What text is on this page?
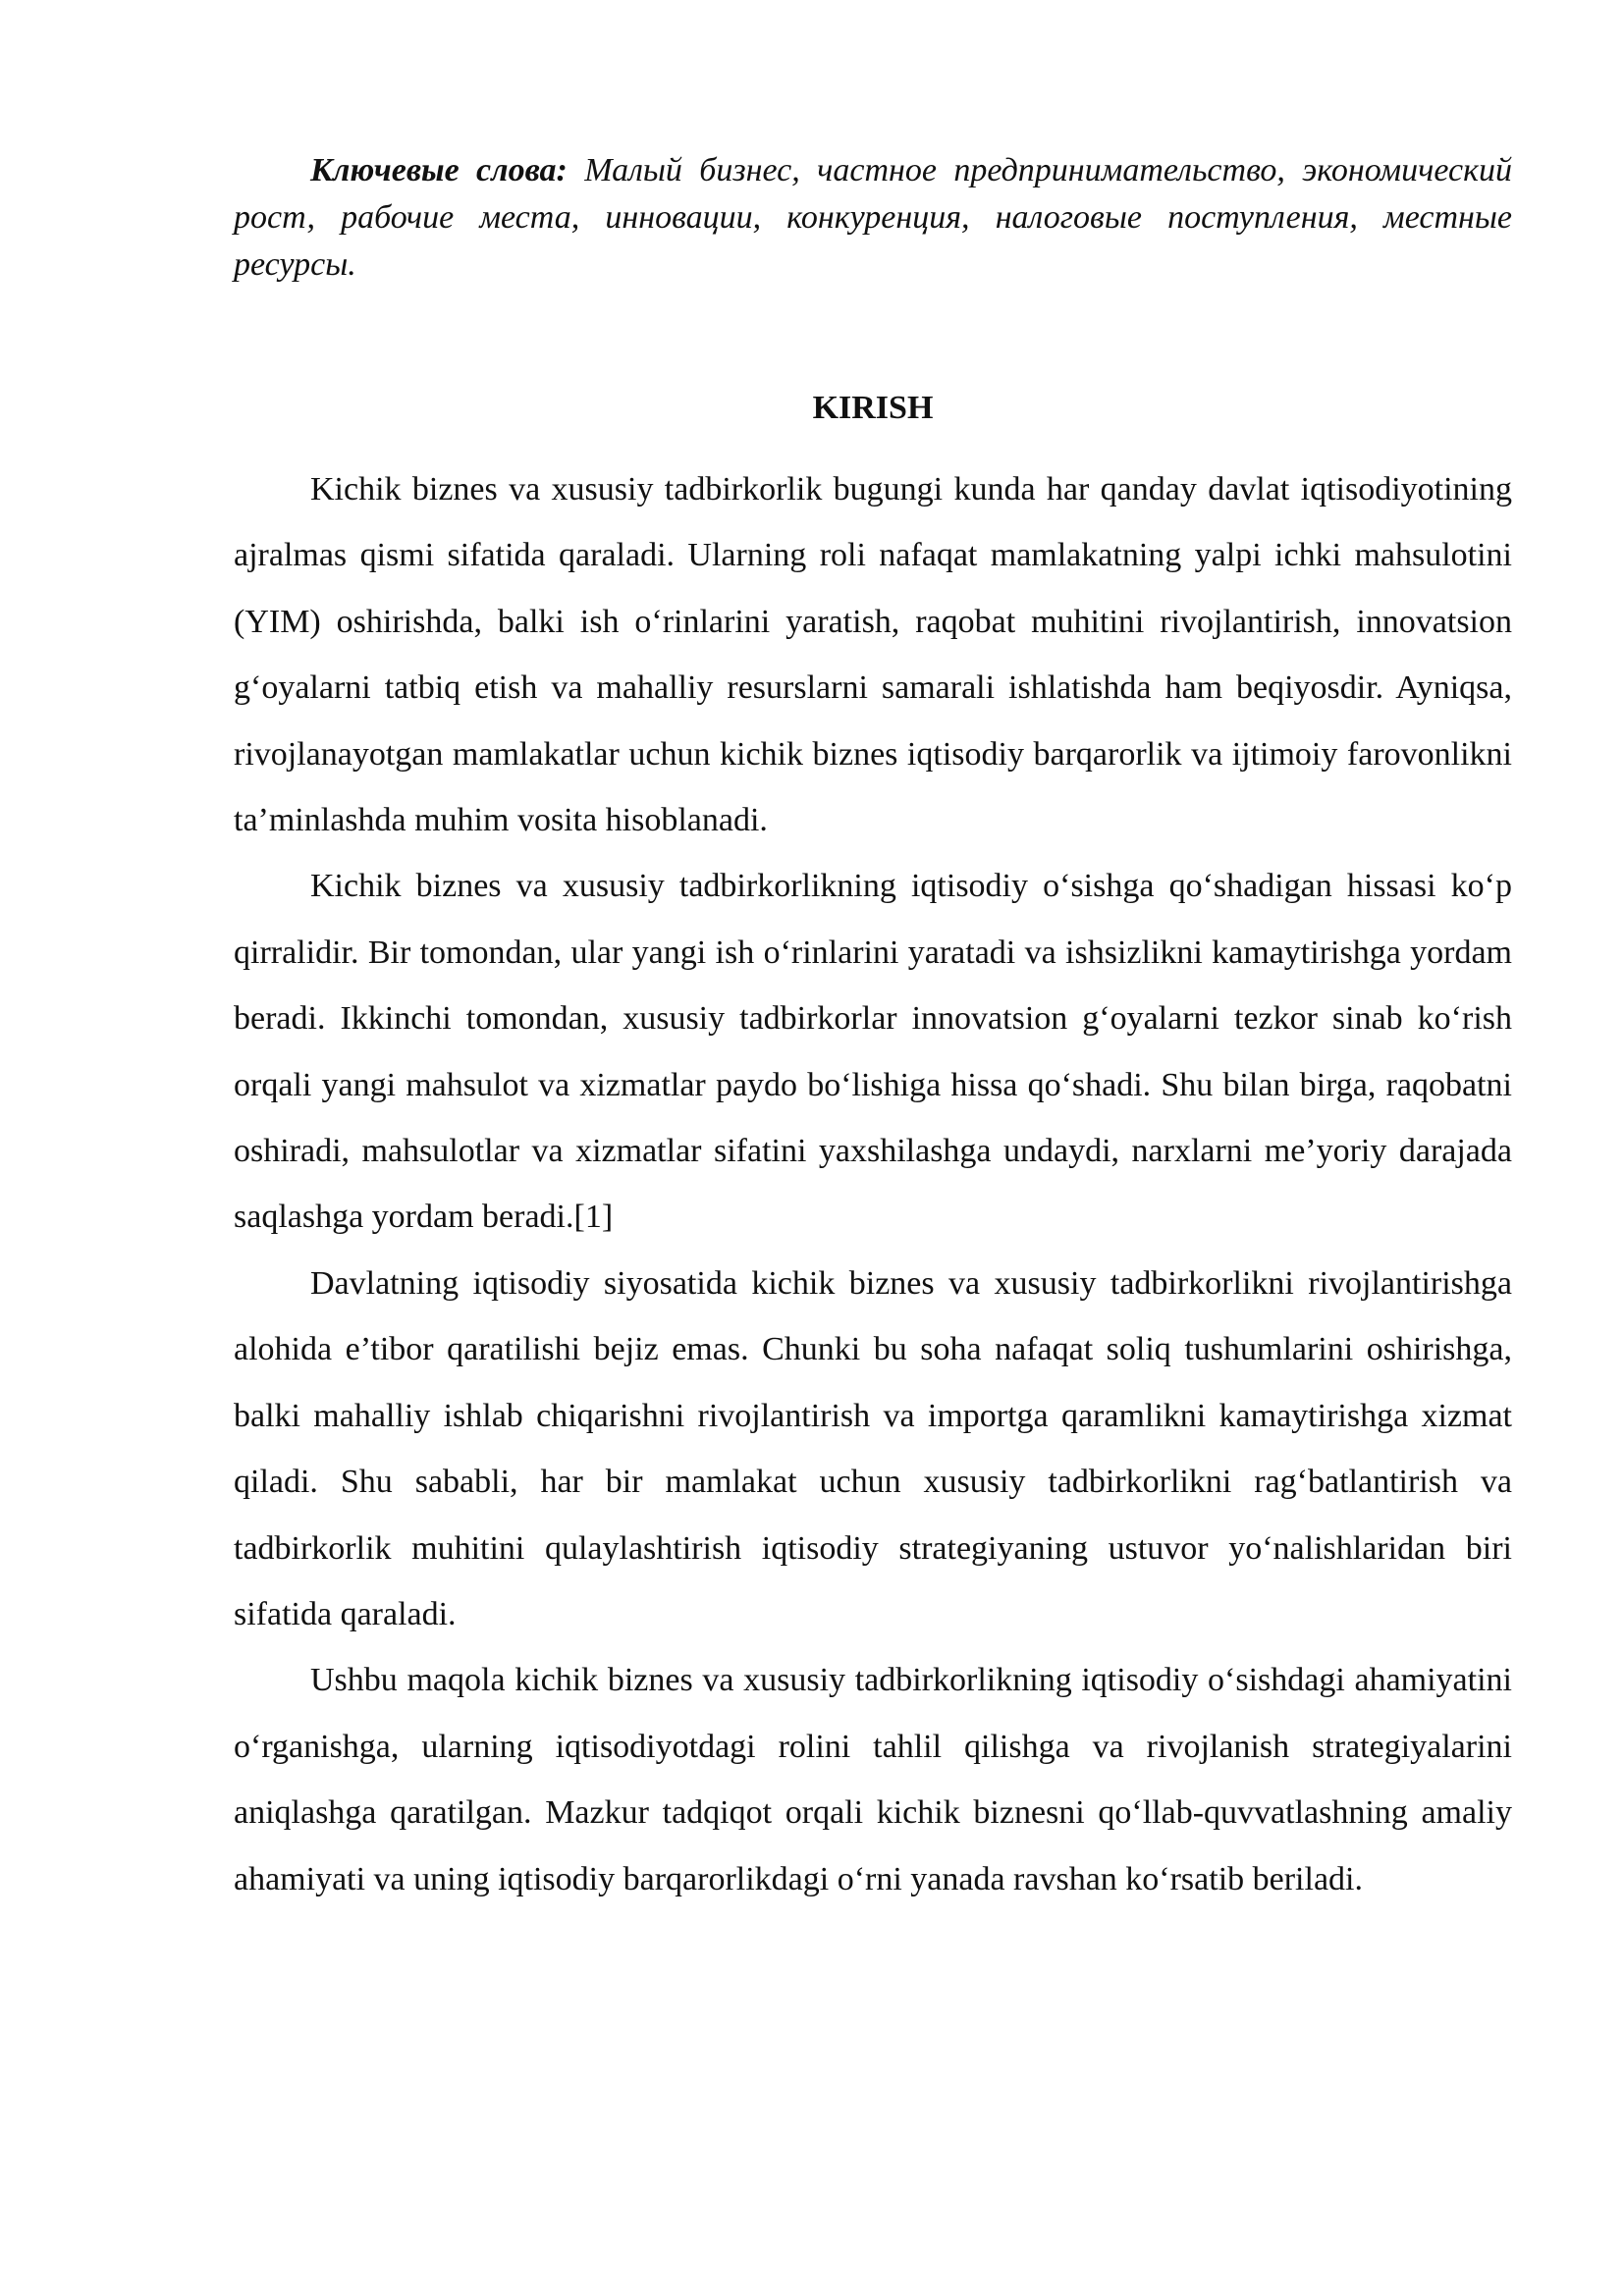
Ключевые слова: Малый бизнес, частное предпринимательство, экономический рост, рабочие места, инновации, конкуренция, налоговые поступления, местные ресурсы.

KIRISH

Kichik biznes va xususiy tadbirkorlik bugungi kunda har qanday davlat iqtisodiyotining ajralmas qismi sifatida qaraladi. Ularning roli nafaqat mamlakatning yalpi ichki mahsulotini (YIM) oshirishda, balki ish o‘rinlarini yaratish, raqobat muhitini rivojlantirish, innovatsion g‘oyalarni tatbiq etish va mahalliy resurslarni samarali ishlatishda ham beqiyosdir. Ayniqsa, rivojlanayotgan mamlakatlar uchun kichik biznes iqtisodiy barqarorlik va ijtimoiy farovonlikni ta’minlashda muhim vosita hisoblanadi.

Kichik biznes va xususiy tadbirkorlikning iqtisodiy o‘sishga qo‘shadigan hissasi ko‘p qirralidir. Bir tomondan, ular yangi ish o‘rinlarini yaratadi va ishsizlikni kamaytirishga yordam beradi. Ikkinchi tomondan, xususiy tadbirkorlar innovatsion g‘oyalarni tezkor sinab ko‘rish orqali yangi mahsulot va xizmatlar paydo bo‘lishiga hissa qo‘shadi. Shu bilan birga, raqobatni oshiradi, mahsulotlar va xizmatlar sifatini yaxshilashga undaydi, narxlarni me’yoriy darajada saqlashga yordam beradi.[1]

Davlatning iqtisodiy siyosatida kichik biznes va xususiy tadbirkorlikni rivojlantirishga alohida e’tibor qaratilishi bejiz emas. Chunki bu soha nafaqat soliq tushumlarini oshirishga, balki mahalliy ishlab chiqarishni rivojlantirish va importga qaramlikni kamaytirishga xizmat qiladi. Shu sababli, har bir mamlakat uchun xususiy tadbirkorlikni rag‘batlantirish va tadbirkorlik muhitini qulaylashtirish iqtisodiy strategiyaning ustuvor yo‘nalishlaridan biri sifatida qaraladi.

Ushbu maqola kichik biznes va xususiy tadbirkorlikning iqtisodiy o‘sishdagi ahamiyatini o‘rganishga, ularning iqtisodiyotdagi rolini tahlil qilishga va rivojlanish strategiyalarini aniqlashga qaratilgan. Mazkur tadqiqot orqali kichik biznesni qo‘llab-quvvatlashning amaliy ahamiyati va uning iqtisodiy barqarorlikdagi o‘rni yanada ravshan ko‘rsatib beriladi.
